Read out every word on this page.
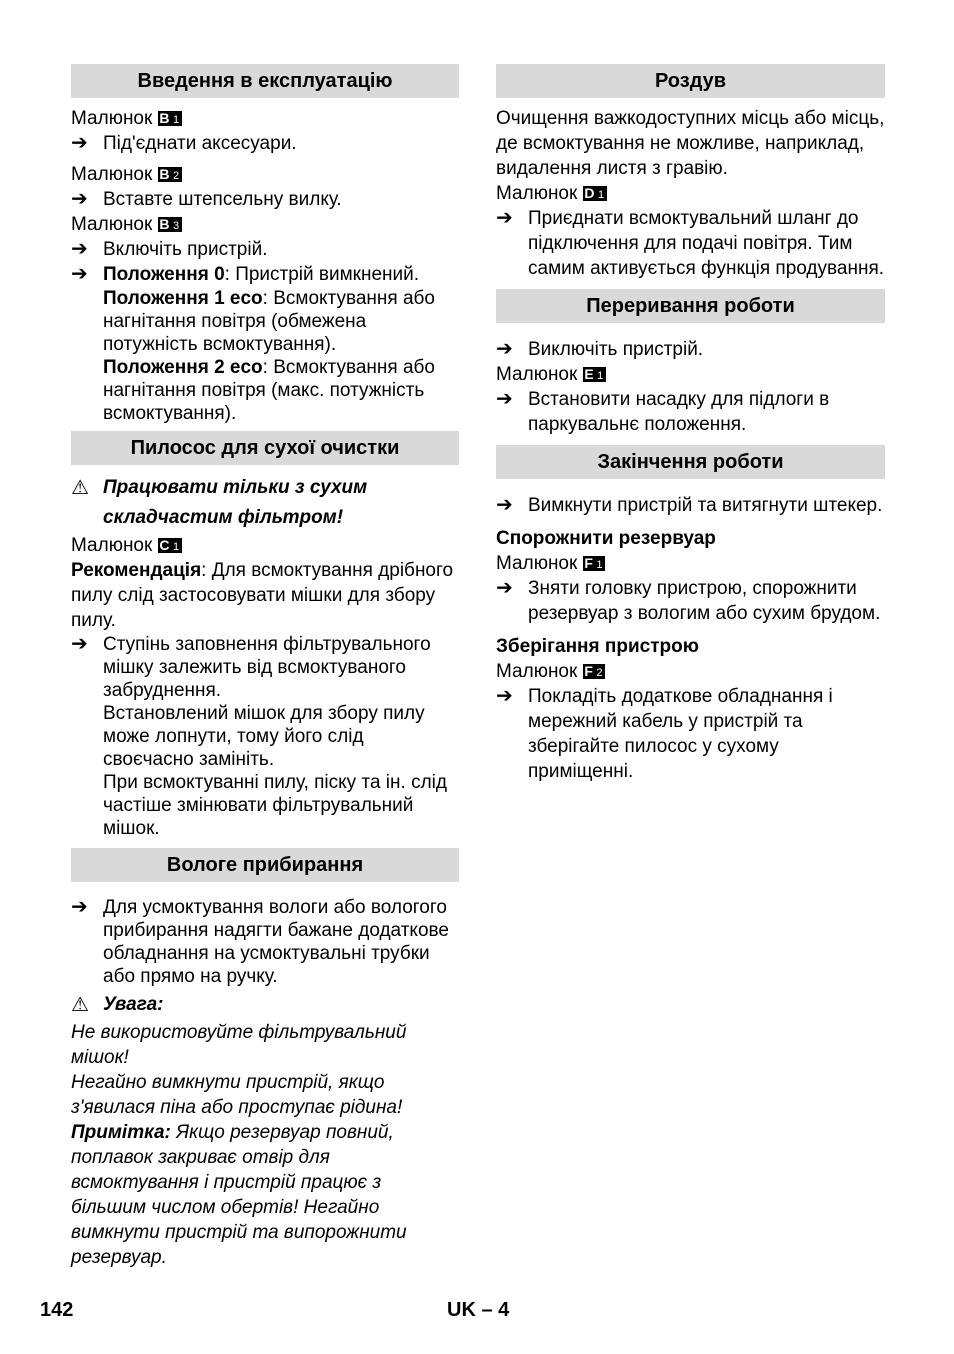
Введення в експлуатацію

Малюнок B 1

➔ Під'єднати аксесуари.

Малюнок B 2

➔ Вставте штепсельну вилку.

Малюнок B 3

➔ Включіть пристрій.

➔ Положення 0: Пристрій вимкнений.

Положення 1 eco: Всмоктування або нагнітання повітря (обмежена потужність всмоктування).

Положення 2 eco: Всмоктування або нагнітання повітря (макс. потужність всмоктування).

Пилосос для сухої очистки

⚠ Працювати тільки з сухим складчастим фільтром!

Малюнок C 1

Рекомендація: Для всмоктування дрібного пилу слід застосовувати мішки для збору пилу.

➔ Ступінь заповнення фільтрувального мішку залежить від всмоктуваного забруднення.

Встановлений мішок для збору пилу може лопнути, тому його слід своєчасно замініть.

При всмоктуванні пилу, піску та ін. слід частіше змінювати фільтрувальний мішок.

Вологе прибирання

➔ Для усмоктування вологи або вологого прибирання надягти бажане додаткове обладнання на усмоктувальні трубки або прямо на ручку.

⚠ Увага:

Не використовуйте фільтрувальний мішок!

Негайно вимкнути пристрій, якщо з'явилася піна або проступає рідина!

Примітка: Якщо резервуар повний, поплавок закриває отвір для всмоктування і пристрій працює з більшим числом обертів! Негайно вимкнути пристрій та випорожнити резервуар.

Роздув

Очищення важкодоступних місць або місць, де всмоктування не можливе, наприклад, видалення листя з гравію.

Малюнок D 1

➔ Приєднати всмоктувальний шланг до підключення для подачі повітря. Тим самим активується функція продування.

Переривання роботи

➔ Виключіть пристрій.

Малюнок E 1

➔ Встановити насадку для підлоги в паркувальнє положення.

Закінчення роботи

➔ Вимкнути пристрій та витягнути штекер.

Спорожнити резервуар

Малюнок F 1

➔ Зняти головку пристрою, спорожнити резервуар з вологим або сухим брудом.

Зберігання пристрою

Малюнок F 2

➔ Покладіть додаткове обладнання і мережний кабель у пристрій та зберігайте пилосос у сухому приміщенні.

142	UK – 4
